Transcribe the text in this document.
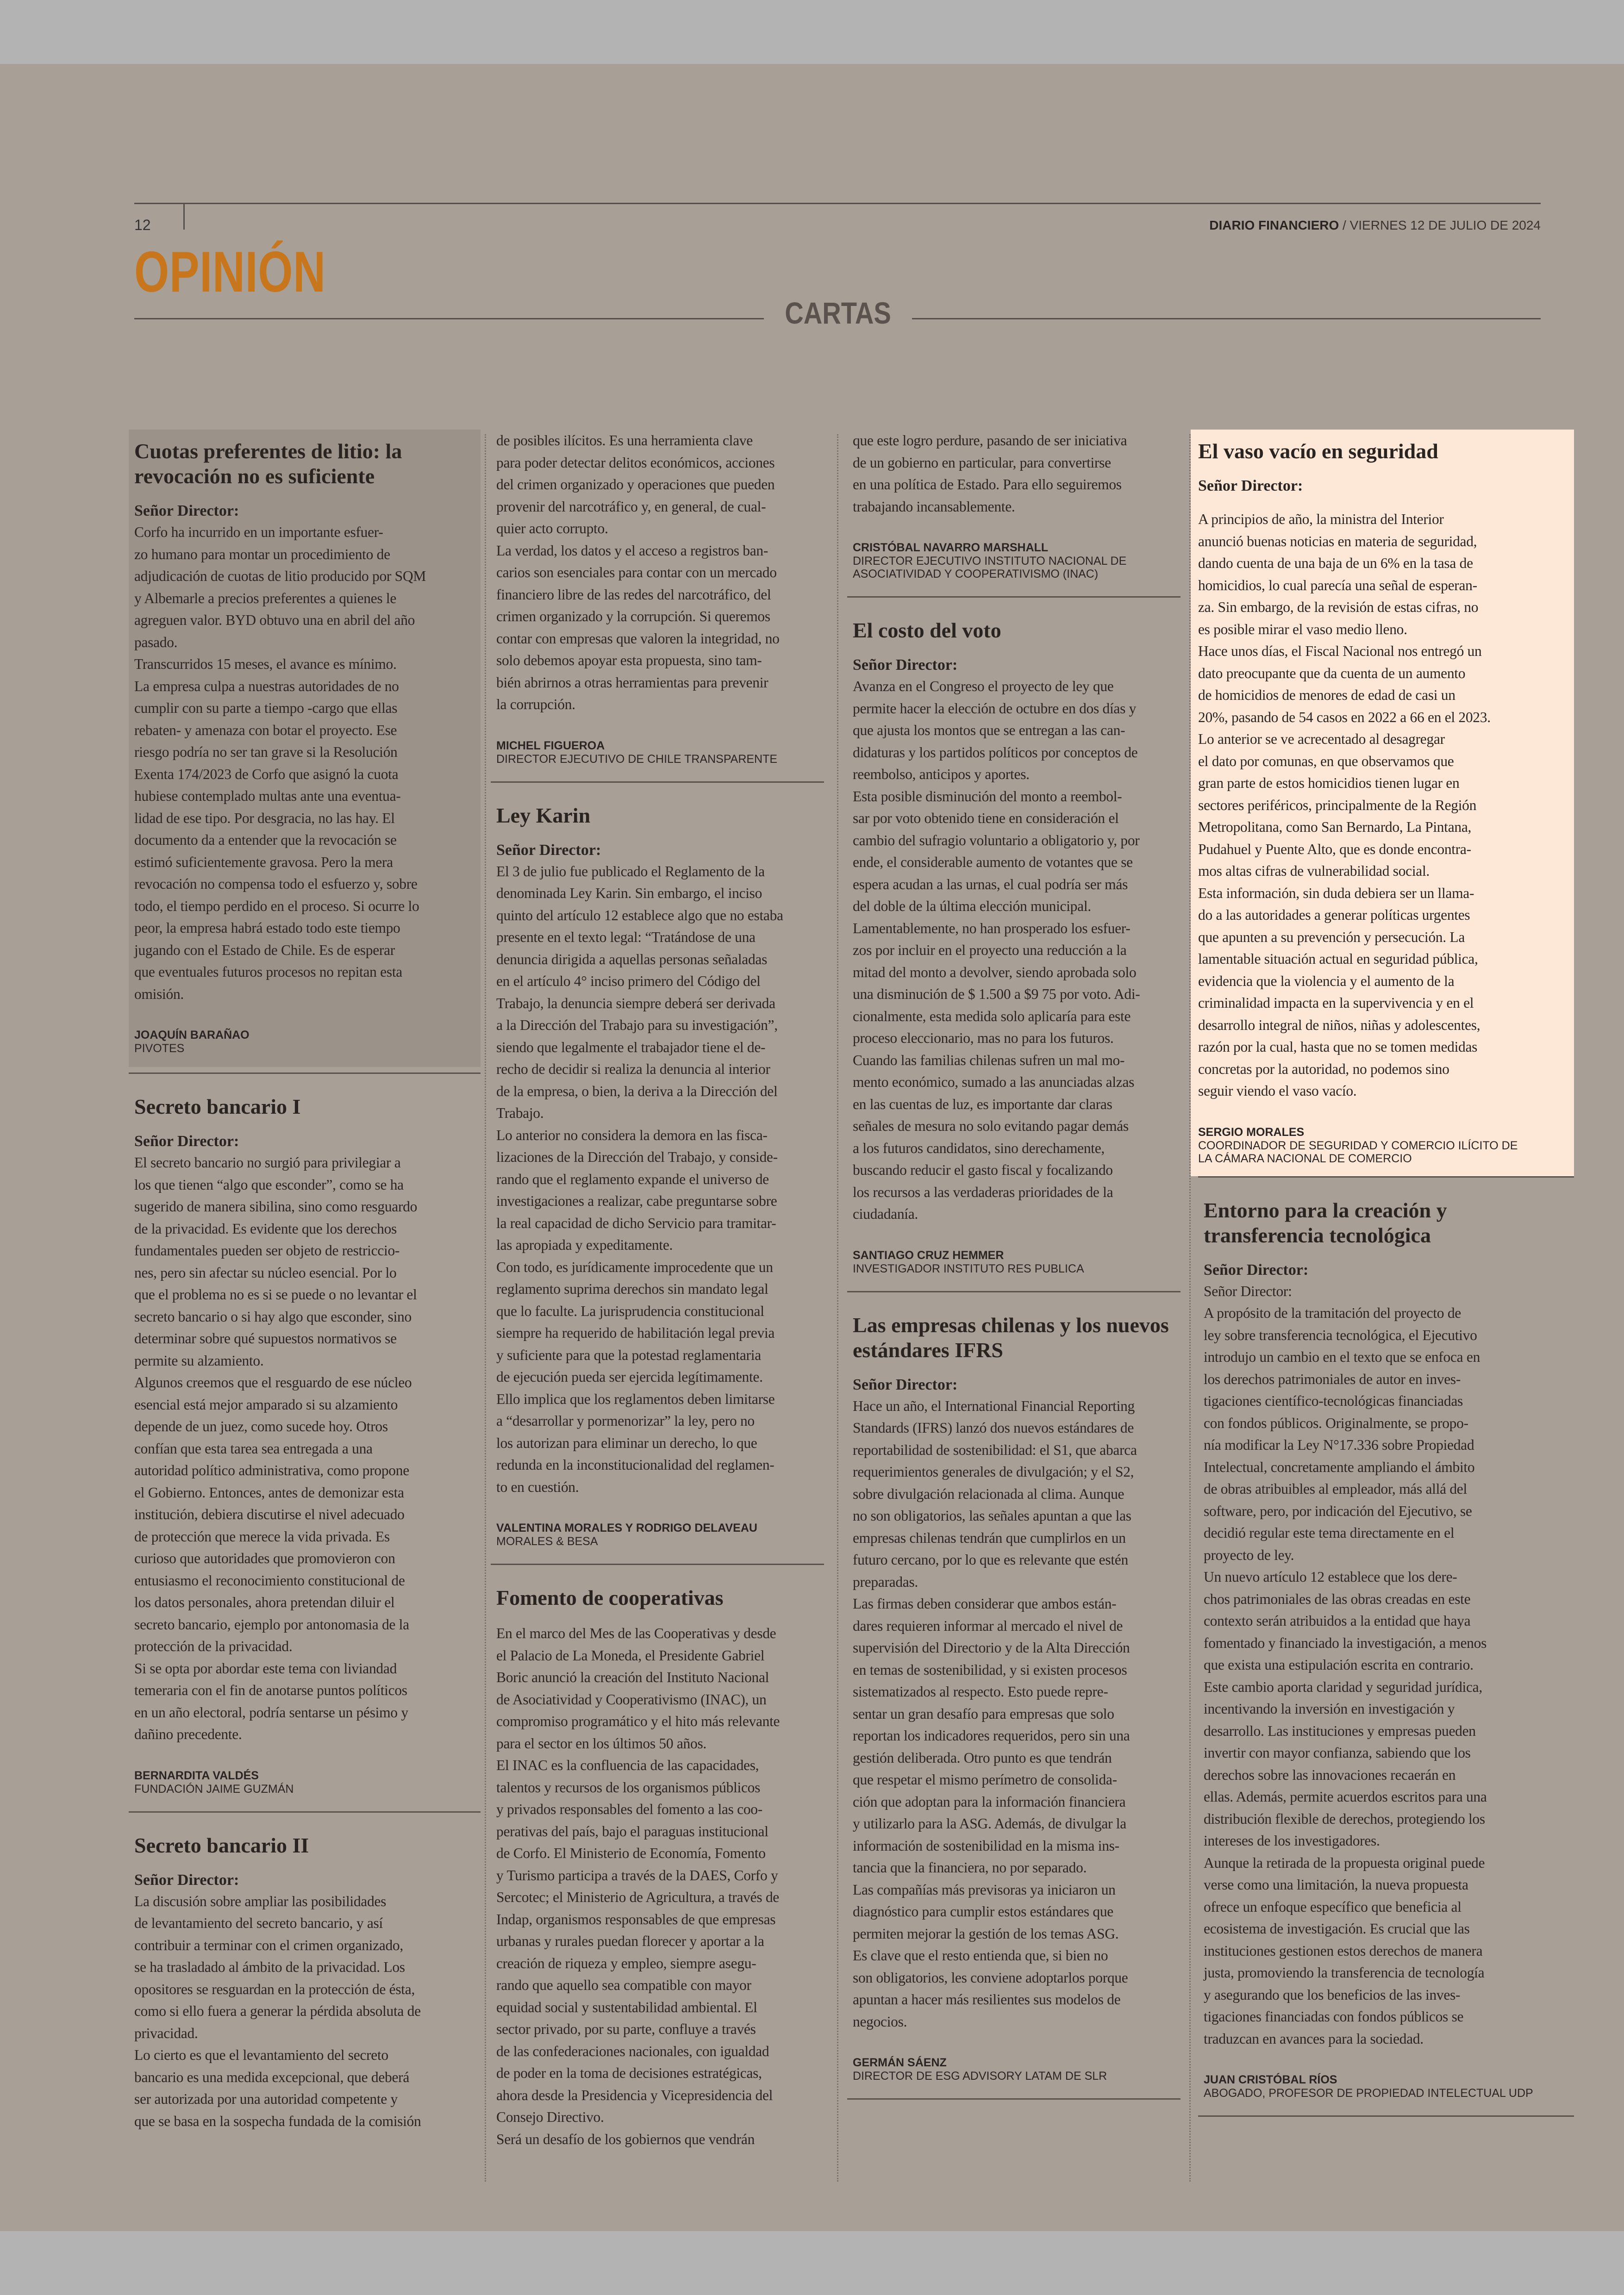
12	DIARIO FINANCIERO / VIERNES 12 DE JULIO DE 2024
OPINIÓN
CARTAS
Cuotas preferentes de litio: la revocación no es suficiente
Señor Director:
Corfo ha incurrido en un importante esfuer-
zo humano para montar un procedimiento de
adjudicación de cuotas de litio producido por SQM
y Albemarle a precios preferentes a quienes le
agreguen valor. BYD obtuvo una en abril del año
pasado.
Transcurridos 15 meses, el avance es mínimo.
La empresa culpa a nuestras autoridades de no
cumplir con su parte a tiempo -cargo que ellas
rebaten- y amenaza con botar el proyecto. Ese
riesgo podría no ser tan grave si la Resolución
Exenta 174/2023 de Corfo que asignó la cuota
hubiese contemplado multas ante una eventua-
lidad de ese tipo. Por desgracia, no las hay. El
documento da a entender que la revocación se
estimó suficientemente gravosa. Pero la mera
revocación no compensa todo el esfuerzo y, sobre
todo, el tiempo perdido en el proceso. Si ocurre lo
peor, la empresa habrá estado todo este tiempo
jugando con el Estado de Chile. Es de esperar
que eventuales futuros procesos no repitan esta
omisión.
JOAQUÍN BARAÑAO
PIVOTES
Secreto bancario I
Señor Director:
El secreto bancario no surgió para privilegiar a
los que tienen “algo que esconder”, como se ha
sugerido de manera sibilina, sino como resguardo
de la privacidad. Es evidente que los derechos
fundamentales pueden ser objeto de restriccio-
nes, pero sin afectar su núcleo esencial. Por lo
que el problema no es si se puede o no levantar el
secreto bancario o si hay algo que esconder, sino
determinar sobre qué supuestos normativos se
permite su alzamiento.
Algunos creemos que el resguardo de ese núcleo
esencial está mejor amparado si su alzamiento
depende de un juez, como sucede hoy. Otros
confían que esta tarea sea entregada a una
autoridad político administrativa, como propone
el Gobierno. Entonces, antes de demonizar esta
institución, debiera discutirse el nivel adecuado
de protección que merece la vida privada. Es
curioso que autoridades que promovieron con
entusiasmo el reconocimiento constitucional de
los datos personales, ahora pretendan diluir el
secreto bancario, ejemplo por antonomasia de la
protección de la privacidad.
Si se opta por abordar este tema con liviandad
temeraria con el fin de anotarse puntos políticos
en un año electoral, podría sentarse un pésimo y
dañino precedente.
BERNARDITA VALDÉS
FUNDACIÓN JAIME GUZMÁN
Secreto bancario II
Señor Director:
La discusión sobre ampliar las posibilidades
de levantamiento del secreto bancario, y así
contribuir a terminar con el crimen organizado,
se ha trasladado al ámbito de la privacidad. Los
opositores se resguardan en la protección de ésta,
como si ello fuera a generar la pérdida absoluta de
privacidad.
Lo cierto es que el levantamiento del secreto
bancario es una medida excepcional, que deberá
ser autorizada por una autoridad competente y
que se basa en la sospecha fundada de la comisión
de posibles ilícitos. Es una herramienta clave
para poder detectar delitos económicos, acciones
del crimen organizado y operaciones que pueden
provenir del narcotráfico y, en general, de cual-
quier acto corrupto.
La verdad, los datos y el acceso a registros ban-
carios son esenciales para contar con un mercado
financiero libre de las redes del narcotráfico, del
crimen organizado y la corrupción. Si queremos
contar con empresas que valoren la integridad, no
solo debemos apoyar esta propuesta, sino tam-
bién abrirnos a otras herramientas para prevenir
la corrupción.
MICHEL FIGUEROA
DIRECTOR EJECUTIVO DE CHILE TRANSPARENTE
Ley Karin
Señor Director:
El 3 de julio fue publicado el Reglamento de la
denominada Ley Karin. Sin embargo, el inciso
quinto del artículo 12 establece algo que no estaba
presente en el texto legal: “Tratándose de una
denuncia dirigida a aquellas personas señaladas
en el artículo 4° inciso primero del Código del
Trabajo, la denuncia siempre deberá ser derivada
a la Dirección del Trabajo para su investigación”,
siendo que legalmente el trabajador tiene el de-
recho de decidir si realiza la denuncia al interior
de la empresa, o bien, la deriva a la Dirección del
Trabajo.
Lo anterior no considera la demora en las fisca-
lizaciones de la Dirección del Trabajo, y conside-
rando que el reglamento expande el universo de
investigaciones a realizar, cabe preguntarse sobre
la real capacidad de dicho Servicio para tramitar-
las apropiada y expeditamente.
Con todo, es jurídicamente improcedente que un
reglamento suprima derechos sin mandato legal
que lo faculte. La jurisprudencia constitucional
siempre ha requerido de habilitación legal previa
y suficiente para que la potestad reglamentaria
de ejecución pueda ser ejercida legítimamente.
Ello implica que los reglamentos deben limitarse
a “desarrollar y pormenorizar” la ley, pero no
los autorizan para eliminar un derecho, lo que
redunda en la inconstitucionalidad del reglamen-
to en cuestión.
VALENTINA MORALES Y RODRIGO DELAVEAU
MORALES & BESA
Fomento de cooperativas
En el marco del Mes de las Cooperativas y desde
el Palacio de La Moneda, el Presidente Gabriel
Boric anunció la creación del Instituto Nacional
de Asociatividad y Cooperativismo (INAC), un
compromiso programático y el hito más relevante
para el sector en los últimos 50 años.
El INAC es la confluencia de las capacidades,
talentos y recursos de los organismos públicos
y privados responsables del fomento a las coo-
perativas del país, bajo el paraguas institucional
de Corfo. El Ministerio de Economía, Fomento
y Turismo participa a través de la DAES, Corfo y
Sercotec; el Ministerio de Agricultura, a través de
Indap, organismos responsables de que empresas
urbanas y rurales puedan florecer y aportar a la
creación de riqueza y empleo, siempre asegu-
rando que aquello sea compatible con mayor
equidad social y sustentabilidad ambiental. El
sector privado, por su parte, confluye a través
de las confederaciones nacionales, con igualdad
de poder en la toma de decisiones estratégicas,
ahora desde la Presidencia y Vicepresidencia del
Consejo Directivo.
Será un desafío de los gobiernos que vendrán
que este logro perdure, pasando de ser iniciativa
de un gobierno en particular, para convertirse
en una política de Estado. Para ello seguiremos
trabajando incansablemente.
CRISTÓBAL NAVARRO MARSHALL
DIRECTOR EJECUTIVO INSTITUTO NACIONAL DE
ASOCIATIVIDAD Y COOPERATIVISMO (INAC)
El costo del voto
Señor Director:
Avanza en el Congreso el proyecto de ley que
permite hacer la elección de octubre en dos días y
que ajusta los montos que se entregan a las can-
didaturas y los partidos políticos por conceptos de
reembolso, anticipos y aportes.
Esta posible disminución del monto a reembol-
sar por voto obtenido tiene en consideración el
cambio del sufragio voluntario a obligatorio y, por
ende, el considerable aumento de votantes que se
espera acudan a las urnas, el cual podría ser más
del doble de la última elección municipal.
Lamentablemente, no han prosperado los esfuer-
zos por incluir en el proyecto una reducción a la
mitad del monto a devolver, siendo aprobada solo
una disminución de $ 1.500 a $9 75 por voto. Adi-
cionalmente, esta medida solo aplicaría para este
proceso eleccionario, mas no para los futuros.
Cuando las familias chilenas sufren un mal mo-
mento económico, sumado a las anunciadas alzas
en las cuentas de luz, es importante dar claras
señales de mesura no solo evitando pagar demás
a los futuros candidatos, sino derechamente,
buscando reducir el gasto fiscal y focalizando
los recursos a las verdaderas prioridades de la
ciudadanía.
SANTIAGO CRUZ HEMMER
INVESTIGADOR INSTITUTO RES PUBLICA
Las empresas chilenas y los nuevos estándares IFRS
Señor Director:
Hace un año, el International Financial Reporting
Standards (IFRS) lanzó dos nuevos estándares de
reportabilidad de sostenibilidad: el S1, que abarca
requerimientos generales de divulgación; y el S2,
sobre divulgación relacionada al clima. Aunque
no son obligatorios, las señales apuntan a que las
empresas chilenas tendrán que cumplirlos en un
futuro cercano, por lo que es relevante que estén
preparadas.
Las firmas deben considerar que ambos están-
dares requieren informar al mercado el nivel de
supervisión del Directorio y de la Alta Dirección
en temas de sostenibilidad, y si existen procesos
sistematizados al respecto. Esto puede repre-
sentar un gran desafío para empresas que solo
reportan los indicadores requeridos, pero sin una
gestión deliberada. Otro punto es que tendrán
que respetar el mismo perímetro de consolida-
ción que adoptan para la información financiera
y utilizarlo para la ASG. Además, de divulgar la
información de sostenibilidad en la misma ins-
tancia que la financiera, no por separado.
Las compañías más previsoras ya iniciaron un
diagnóstico para cumplir estos estándares que
permiten mejorar la gestión de los temas ASG.
Es clave que el resto entienda que, si bien no
son obligatorios, les conviene adoptarlos porque
apuntan a hacer más resilientes sus modelos de
negocios.
GERMÁN SÁENZ
DIRECTOR DE ESG ADVISORY LATAM DE SLR
El vaso vacío en seguridad
Señor Director:
A principios de año, la ministra del Interior
anunció buenas noticias en materia de seguridad,
dando cuenta de una baja de un 6% en la tasa de
homicidios, lo cual parecía una señal de esperan-
za. Sin embargo, de la revisión de estas cifras, no
es posible mirar el vaso medio lleno.
Hace unos días, el Fiscal Nacional nos entregó un
dato preocupante que da cuenta de un aumento
de homicidios de menores de edad de casi un
20%, pasando de 54 casos en 2022 a 66 en el 2023.
Lo anterior se ve acrecentado al desagregar
el dato por comunas, en que observamos que
gran parte de estos homicidios tienen lugar en
sectores periféricos, principalmente de la Región
Metropolitana, como San Bernardo, La Pintana,
Pudahuel y Puente Alto, que es donde encontra-
mos altas cifras de vulnerabilidad social.
Esta información, sin duda debiera ser un llama-
do a las autoridades a generar políticas urgentes
que apunten a su prevención y persecución. La
lamentable situación actual en seguridad pública,
evidencia que la violencia y el aumento de la
criminalidad impacta en la supervivencia y en el
desarrollo integral de niños, niñas y adolescentes,
razón por la cual, hasta que no se tomen medidas
concretas por la autoridad, no podemos sino
seguir viendo el vaso vacío.
SERGIO MORALES
COORDINADOR DE SEGURIDAD Y COMERCIO ILÍCITO DE
LA CÁMARA NACIONAL DE COMERCIO
Entorno para la creación y transferencia tecnológica
Señor Director:
Señor Director:
A propósito de la tramitación del proyecto de
ley sobre transferencia tecnológica, el Ejecutivo
introdujo un cambio en el texto que se enfoca en
los derechos patrimoniales de autor en inves-
tigaciones científico-tecnológicas financiadas
con fondos públicos. Originalmente, se propo-
nía modificar la Ley N°17.336 sobre Propiedad
Intelectual, concretamente ampliando el ámbito
de obras atribuibles al empleador, más allá del
software, pero, por indicación del Ejecutivo, se
decidió regular este tema directamente en el
proyecto de ley.
Un nuevo artículo 12 establece que los dere-
chos patrimoniales de las obras creadas en este
contexto serán atribuidos a la entidad que haya
fomentado y financiado la investigación, a menos
que exista una estipulación escrita en contrario.
Este cambio aporta claridad y seguridad jurídica,
incentivando la inversión en investigación y
desarrollo. Las instituciones y empresas pueden
invertir con mayor confianza, sabiendo que los
derechos sobre las innovaciones recaerán en
ellas. Además, permite acuerdos escritos para una
distribución flexible de derechos, protegiendo los
intereses de los investigadores.
Aunque la retirada de la propuesta original puede
verse como una limitación, la nueva propuesta
ofrece un enfoque específico que beneficia al
ecosistema de investigación. Es crucial que las
instituciones gestionen estos derechos de manera
justa, promoviendo la transferencia de tecnología
y asegurando que los beneficios de las inves-
tigaciones financiadas con fondos públicos se
traduzcan en avances para la sociedad.
JUAN CRISTÓBAL RÍOS
ABOGADO, PROFESOR DE PROPIEDAD INTELECTUAL UDP
